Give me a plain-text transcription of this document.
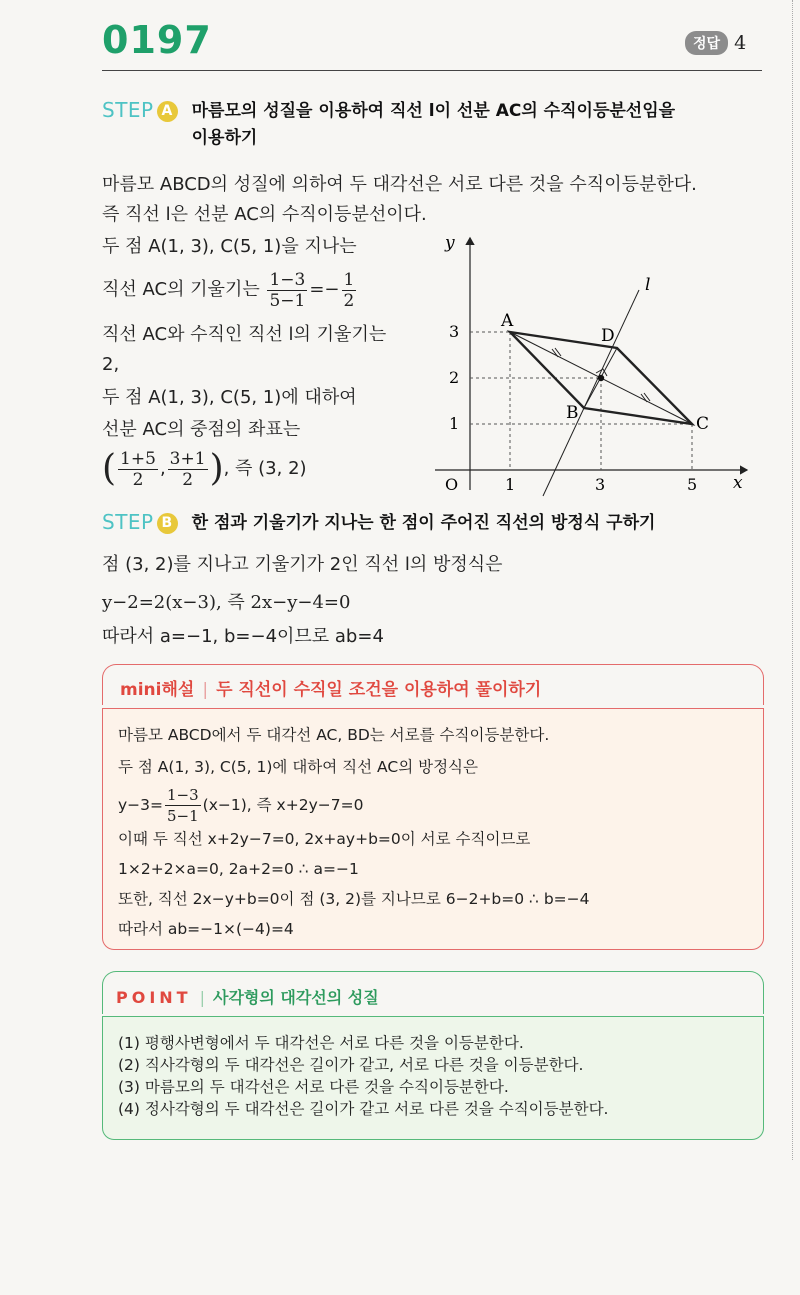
0197	정답 4
STEP A 마름모의 성질을 이용하여 직선 l이 선분 AC의 수직이등분선임을
이용하기
마름모 ABCD의 성질에 의하여 두 대각선은 서로 다른 것을 수직이등분한다.
즉 직선 l은 선분 AC의 수직이등분선이다.
두 점 A(1, 3), C(5, 1)을 지나는
직선 AC의 기울기는 $\frac{1-3}{5-1} =- \frac{1}{2}$
직선 AC와 수직인 직선 l의 기울기는
2,
두 점 A(1, 3), C(5, 1)에 대하여
선분 AC의 중점의 좌표는
( $\frac{1+5}{2}$ , $\frac{3+1}{2}$ ), 즉 (3, 2)
x
y
O	1	3	5
1
2
3
l
A
D
B
C
STEP B 한 점과 기울기가 지나는 한 점이 주어진 직선의 방정식 구하기
점 (3, 2)를 지나고 기울기가 2인 직선 l의 방정식은
y−2=2(x−3), 즉 2x−y−4=0
따라서 a=−1, b=−4이므로 ab=4
mini해설 | 두 직선이 수직일 조건을 이용하여 풀이하기
마름모 ABCD에서 두 대각선 AC, BD는 서로를 수직이등분한다.
두 점 A(1, 3), C(5, 1)에 대하여 직선 AC의 방정식은
$y-3= \frac{1-3}{5-1} (x-1)$, 즉 x+2y−7=0
이때 두 직선 x+2y−7=0, 2x+ay+b=0이 서로 수직이므로
1×2+2×a=0, 2a+2=0 ∴ a=−1
또한, 직선 2x−y+b=0이 점 (3, 2)를 지나므로 6−2+b=0 ∴ b=−4
따라서 ab=−1×(−4)=4
POINT | 사각형의 대각선의 성질
(1) 평행사변형에서 두 대각선은 서로 다른 것을 이등분한다.
(2) 직사각형의 두 대각선은 길이가 같고, 서로 다른 것을 이등분한다.
(3) 마름모의 두 대각선은 서로 다른 것을 수직이등분한다.
(4) 정사각형의 두 대각선은 길이가 같고 서로 다른 것을 수직이등분한다.
